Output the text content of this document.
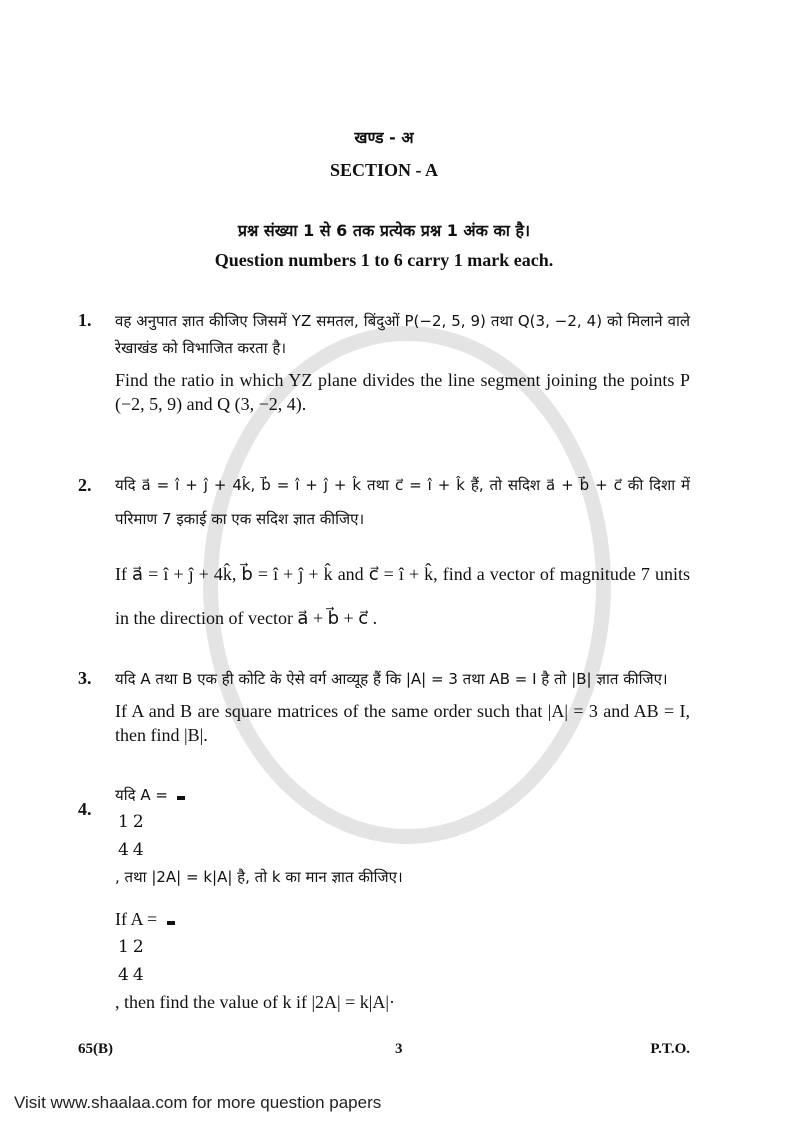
खण्ड - अ

SECTION - A

प्रश्न संख्या 1 से 6 तक प्रत्येक प्रश्न 1 अंक का है।

Question numbers 1 to 6 carry 1 mark each.

1. वह अनुपात ज्ञात कीजिए जिसमें YZ समतल, बिंदुओं P(−2, 5, 9) तथा Q(3, −2, 4) को मिलाने वाले रेखाखंड को विभाजित करता है।

Find the ratio in which YZ plane divides the line segment joining the points P (−2, 5, 9) and Q (3, −2, 4).

2. यदि a⃗ = î + ĵ + 4k̂, b⃗ = î + ĵ + k̂ तथा c⃗ = î + k̂ हैं, तो सदिश a⃗ + b⃗ + c⃗ की दिशा में परिमाण 7 इकाई का एक सदिश ज्ञात कीजिए।

If a⃗ = î + ĵ + 4k̂, b⃗ = î + ĵ + k̂ and c⃗ = î + k̂, find a vector of magnitude 7 units in the direction of vector a⃗ + b⃗ + c⃗ .

3. यदि A तथा B एक ही कोटि के ऐसे वर्ग आव्यूह हैं कि |A| = 3 तथा AB = I है तो |B| ज्ञात कीजिए।

If A and B are square matrices of the same order such that |A| = 3 and AB = I, then find |B|.

4.

यदि A =

1	2
4	4
, तथा |2A| = k|A| है, तो k का मान ज्ञात कीजिए।

If A =

1	2
4	4
, then find the value of k if |2A| = k|A|·

65(B)	3	P.T.O.
Visit www.shaalaa.com for more question papers
